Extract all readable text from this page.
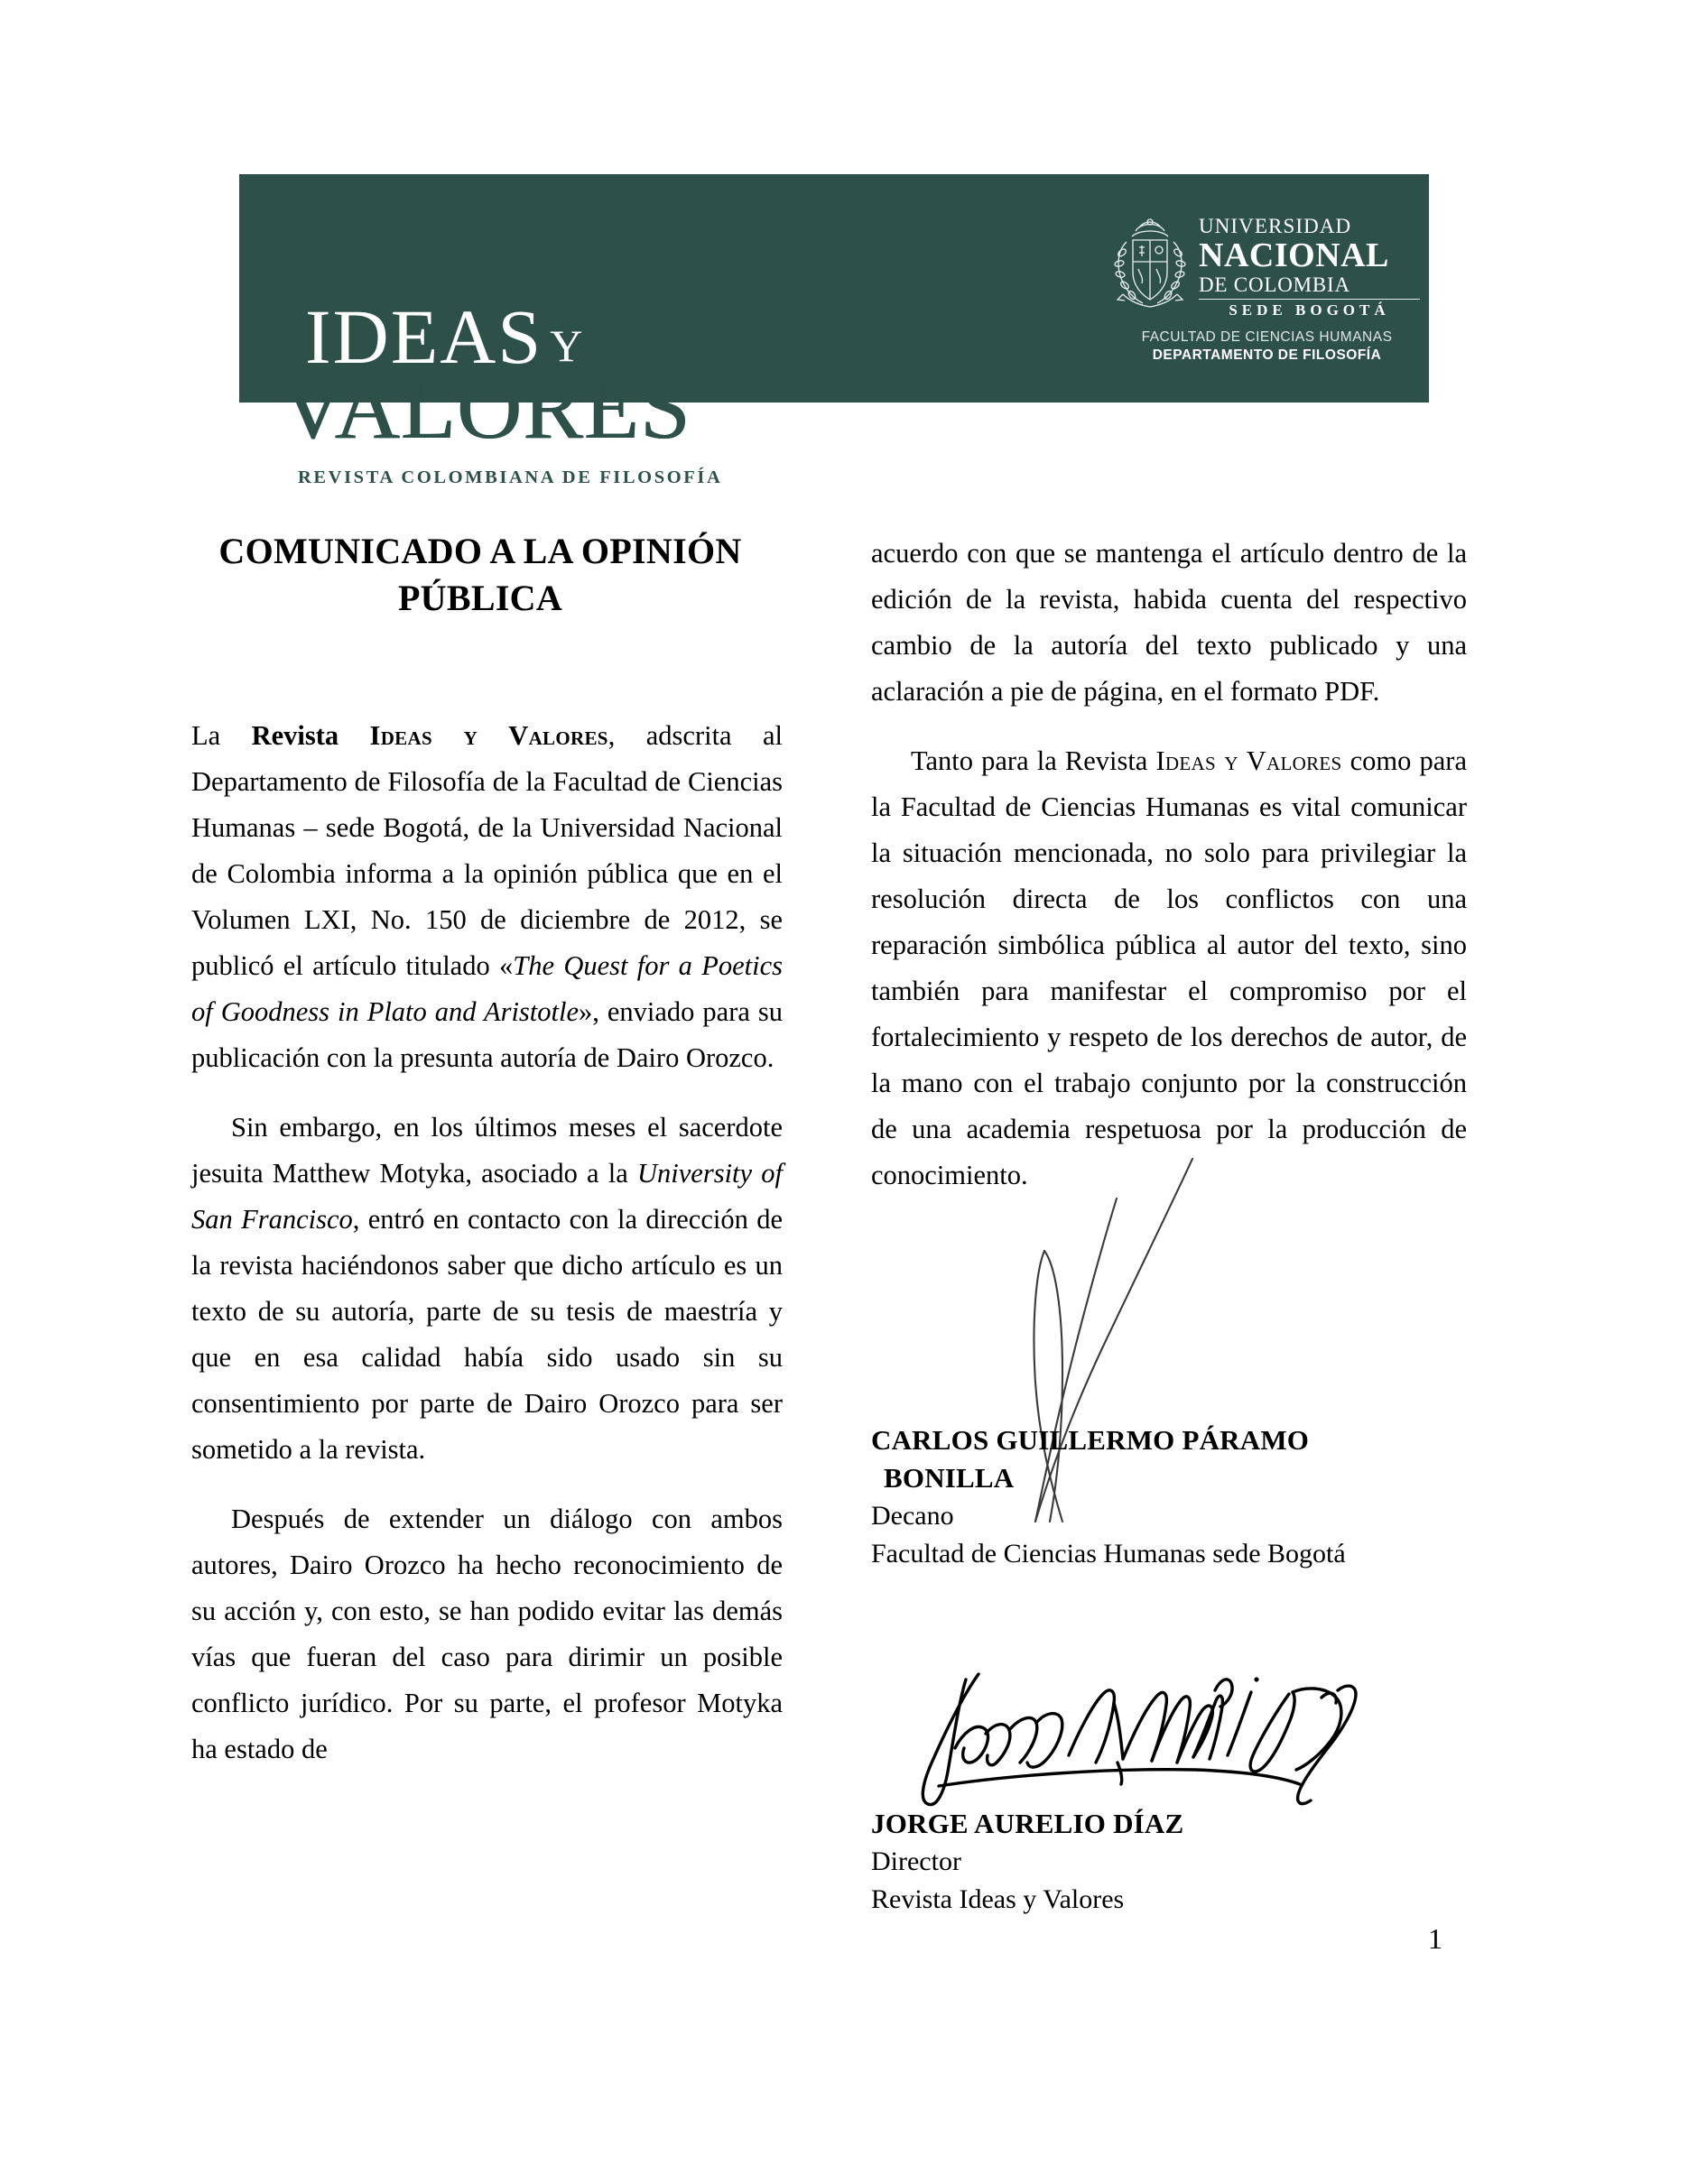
IDEAS Y
VALORES
REVISTA COLOMBIANA DE FILOSOFÍA
UNIVERSIDAD
NACIONAL
DE COLOMBIA
SEDE BOGOTÁ
FACULTAD DE CIENCIAS HUMANAS
DEPARTAMENTO DE FILOSOFÍA
COMUNICADO A LA OPINIÓN PÚBLICA

La Revista Ideas y Valores, adscrita al Departamento de Filosofía de la Facultad de Ciencias Humanas – sede Bogotá, de la Universidad Nacional de Colombia informa a la opinión pública que en el Volumen LXI, No. 150 de diciembre de 2012, se publicó el artículo titulado «The Quest for a Poetics of Goodness in Plato and Aristotle», enviado para su publicación con la presunta autoría de Dairo Orozco.

Sin embargo, en los últimos meses el sacerdote jesuita Matthew Motyka, asociado a la University of San Francisco, entró en contacto con la dirección de la revista haciéndonos saber que dicho artículo es un texto de su autoría, parte de su tesis de maestría y que en esa calidad había sido usado sin su consentimiento por parte de Dairo Orozco para ser sometido a la revista.

Después de extender un diálogo con ambos autores, Dairo Orozco ha hecho reconocimiento de su acción y, con esto, se han podido evitar las demás vías que fueran del caso para dirimir un posible conflicto jurídico. Por su parte, el profesor Motyka ha estado de

acuerdo con que se mantenga el artículo dentro de la edición de la revista, habida cuenta del respectivo cambio de la autoría del texto publicado y una aclaración a pie de página, en el formato PDF.

Tanto para la Revista Ideas y Valores como para la Facultad de Ciencias Humanas es vital comunicar la situación mencionada, no solo para privilegiar la resolución directa de los conflictos con una reparación simbólica pública al autor del texto, sino también para manifestar el compromiso por el fortalecimiento y respeto de los derechos de autor, de la mano con el trabajo conjunto por la construcción de una academia respetuosa por la producción de conocimiento.

CARLOS GUILLERMO PÁRAMO
BONILLA
Decano
Facultad de Ciencias Humanas sede Bogotá
JORGE AURELIO DÍAZ
Director
Revista Ideas y Valores
1
